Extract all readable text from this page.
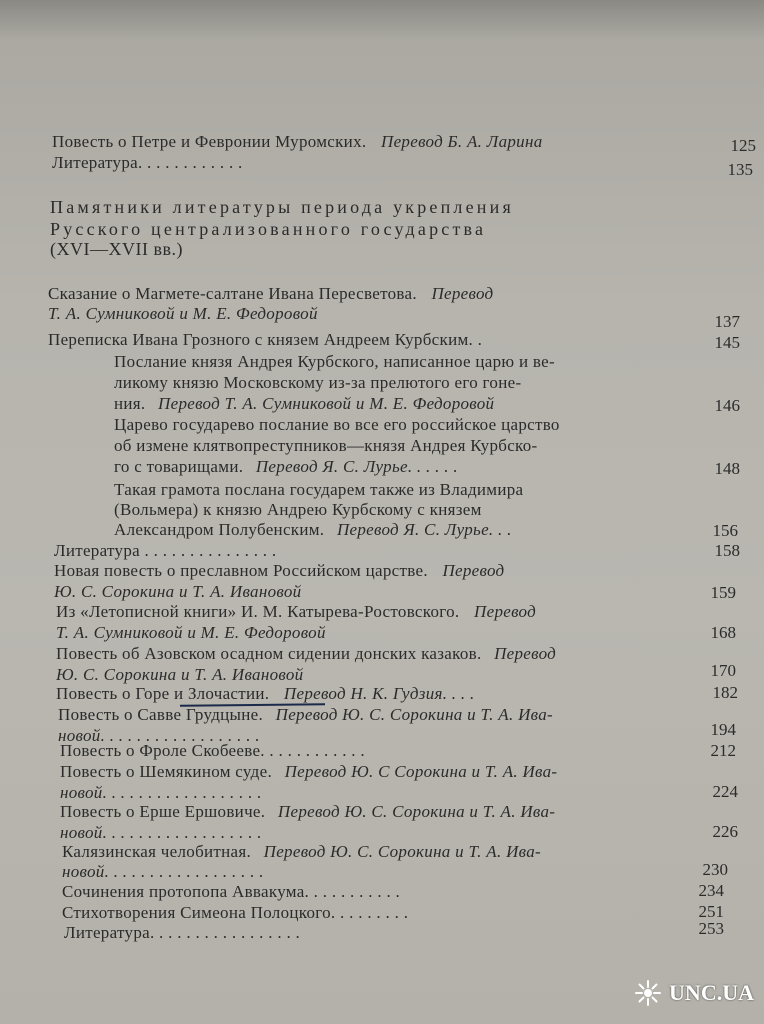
Повесть о Петре и Февронии Муромских. Перевод Б. А. Ларина	125
Литература. . . . . . . . . . . .	135
Памятники литературы периода укрепления
Русского централизованного государства
(XVI—XVII вв.)
Сказание о Магмете-салтане Ивана Пересветова. Перевод
Т. А. Сумниковой и М. Е. Федоровой	137
Переписка Ивана Грозного с князем Андреем Курбским. .	145
Послание князя Андрея Курбского, написанное царю и ве-
ликому князю Московскому из-за прелютого его гоне-
ния. Перевод Т. А. Сумниковой и М. Е. Федоровой	146
Царево государево послание во все его российское царство
об измене клятвопреступников—князя Андрея Курбско-
го с товарищами. Перевод Я. С. Лурье. . . . . .	148
Такая грамота послана государем также из Владимира
(Вольмера) к князю Андрею Курбскому с князем
Александром Полубенским. Перевод Я. С. Лурье. . .	156
Литература . . . . . . . . . . . . . . .	158
Новая повесть о преславном Российском царстве. Перевод
Ю. С. Сорокина и Т. А. Ивановой	159
Из «Летописной книги» И. М. Катырева-Ростовского. Перевод
Т. А. Сумниковой и М. Е. Федоровой	168
Повесть об Азовском осадном сидении донских казаков. Перевод
Ю. С. Сорокина и Т. А. Ивановой	170
Повесть о Горе и Злочастии. Перевод Н. К. Гудзия. . . .	182
Повесть о Савве Грудцыне. Перевод Ю. С. Сорокина и Т. А. Ива-
новой. . . . . . . . . . . . . . . . . .	194
Повесть о Фроле Скобееве. . . . . . . . . . . .	212
Повесть о Шемякином суде. Перевод Ю. С Сорокина и Т. А. Ива-
новой. . . . . . . . . . . . . . . . . .	224
Повесть о Ерше Ершовиче. Перевод Ю. С. Сорокина и Т. А. Ива-
новой. . . . . . . . . . . . . . . . . .	226
Калязинская челобитная. Перевод Ю. С. Сорокина и Т. А. Ива-
новой. . . . . . . . . . . . . . . . . .	230
Сочинения протопопа Аввакума. . . . . . . . . . .	234
Стихотворения Симеона Полоцкого. . . . . . . . .	251
Литература. . . . . . . . . . . . . . . . .	253
UNC.UA
